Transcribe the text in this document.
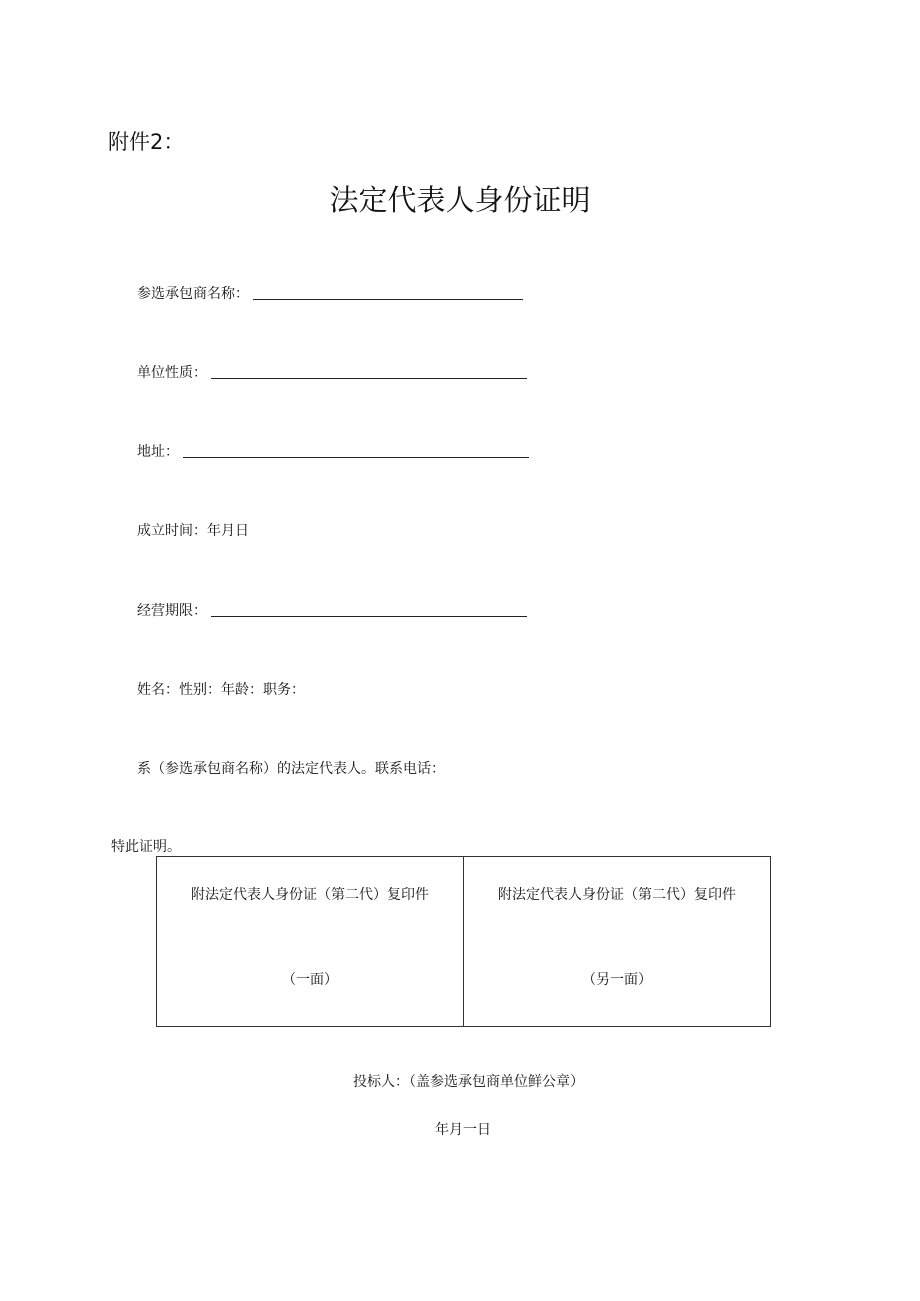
附件2：
法定代表人身份证明
参选承包商名称：
单位性质：
地址：
成立时间：年月日
经营期限：
姓名：性别：年龄：职务：
系（参选承包商名称）的法定代表人。联系电话：
特此证明。
附法定代表人身份证（第二代）复印件
（一面）
附法定代表人身份证（第二代）复印件
（另一面）
投标人：（盖参选承包商单位鲜公章）
年月一日
